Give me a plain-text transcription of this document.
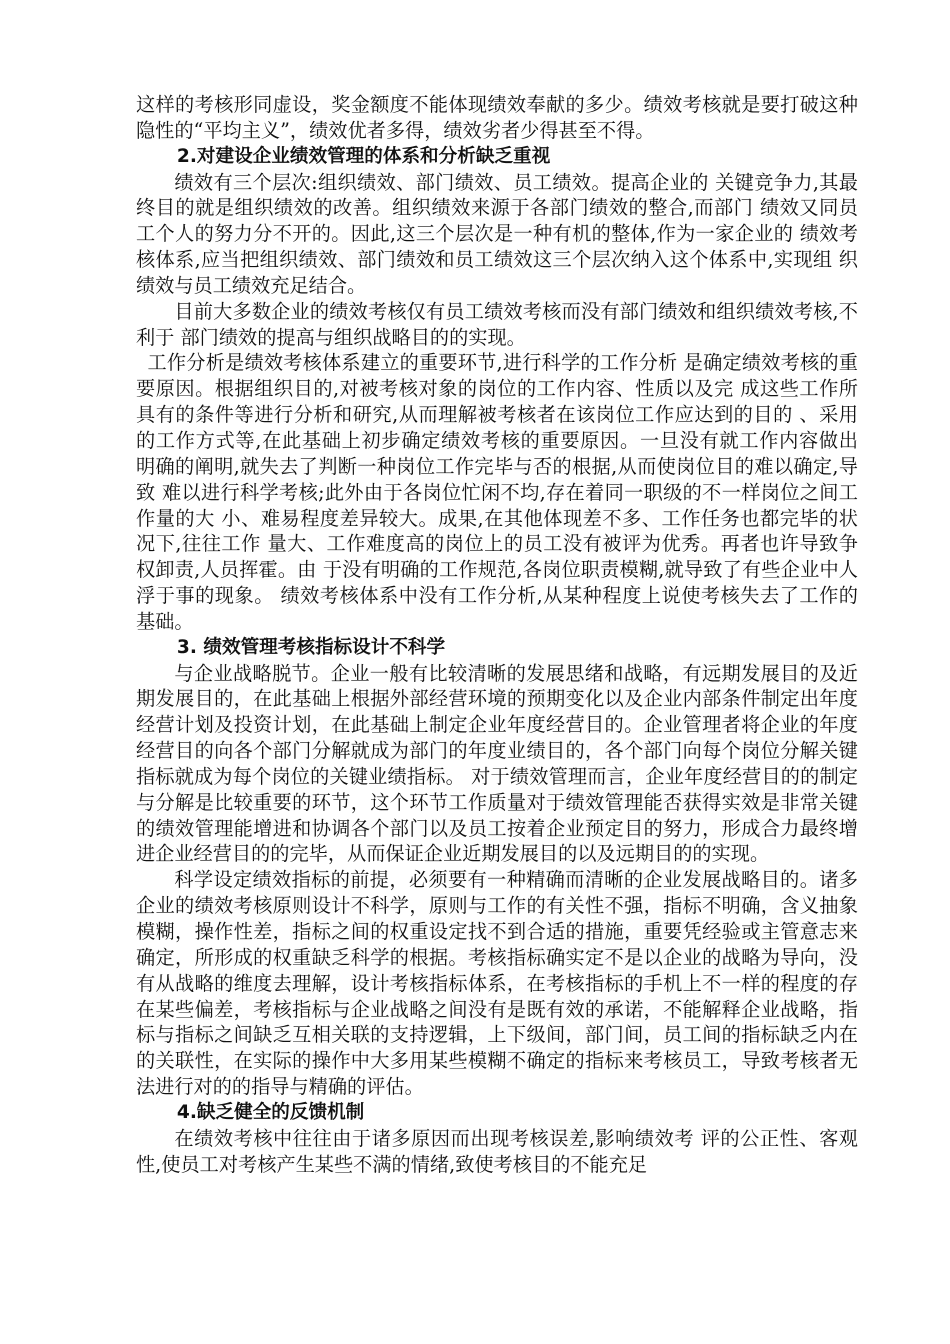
这样的考核形同虚设，奖金额度不能体现绩效奉献的多少。绩效考核就是要打破这种隐性的“平均主义”，绩效优者多得，绩效劣者少得甚至不得。

2.对建设企业绩效管理的体系和分析缺乏重视

绩效有三个层次:组织绩效、部门绩效、员工绩效。提高企业的 关键竞争力,其最终目的就是组织绩效的改善。组织绩效来源于各部门绩效的整合,而部门 绩效又同员工个人的努力分不开的。因此,这三个层次是一种有机的整体,作为一家企业的 绩效考核体系,应当把组织绩效、部门绩效和员工绩效这三个层次纳入这个体系中,实现组 织绩效与员工绩效充足结合。

目前大多数企业的绩效考核仅有员工绩效考核而没有部门绩效和组织绩效考核,不利于 部门绩效的提高与组织战略目的的实现。

工作分析是绩效考核体系建立的重要环节,进行科学的工作分析 是确定绩效考核的重要原因。根据组织目的,对被考核对象的岗位的工作内容、性质以及完 成这些工作所具有的条件等进行分析和研究,从而理解被考核者在该岗位工作应达到的目的 、采用的工作方式等,在此基础上初步确定绩效考核的重要原因。一旦没有就工作内容做出 明确的阐明,就失去了判断一种岗位工作完毕与否的根据,从而使岗位目的难以确定,导致 难以进行科学考核;此外由于各岗位忙闲不均,存在着同一职级的不一样岗位之间工作量的大 小、难易程度差异较大。成果,在其他体现差不多、工作任务也都完毕的状况下,往往工作 量大、工作难度高的岗位上的员工没有被评为优秀。再者也许导致争权卸责,人员挥霍。由 于没有明确的工作规范,各岗位职责模糊,就导致了有些企业中人浮于事的现象。 绩效考核体系中没有工作分析,从某种程度上说使考核失去了工作的基础。

3. 绩效管理考核指标设计不科学

与企业战略脱节。企业一般有比较清晰的发展思绪和战略，有远期发展目的及近期发展目的，在此基础上根据外部经营环境的预期变化以及企业内部条件制定出年度经营计划及投资计划，在此基础上制定企业年度经营目的。企业管理者将企业的年度经营目的向各个部门分解就成为部门的年度业绩目的，各个部门向每个岗位分解关键指标就成为每个岗位的关键业绩指标。 对于绩效管理而言，企业年度经营目的的制定与分解是比较重要的环节，这个环节工作质量对于绩效管理能否获得实效是非常关键的绩效管理能增进和协调各个部门以及员工按着企业预定目的努力，形成合力最终增进企业经营目的的完毕，从而保证企业近期发展目的以及远期目的的实现。

科学设定绩效指标的前提，必须要有一种精确而清晰的企业发展战略目的。诸多企业的绩效考核原则设计不科学，原则与工作的有关性不强，指标不明确，含义抽象模糊，操作性差，指标之间的权重设定找不到合适的措施，重要凭经验或主管意志来确定，所形成的权重缺乏科学的根据。考核指标确实定不是以企业的战略为导向，没有从战略的维度去理解，设计考核指标体系，在考核指标的手机上不一样的程度的存在某些偏差，考核指标与企业战略之间没有是既有效的承诺，不能解释企业战略，指标与指标之间缺乏互相关联的支持逻辑，上下级间，部门间，员工间的指标缺乏内在的关联性，在实际的操作中大多用某些模糊不确定的指标来考核员工，导致考核者无法进行对的的指导与精确的评估。

4.缺乏健全的反馈机制

在绩效考核中往往由于诸多原因而出现考核误差,影响绩效考 评的公正性、客观性,使员工对考核产生某些不满的情绪,致使考核目的不能充足
